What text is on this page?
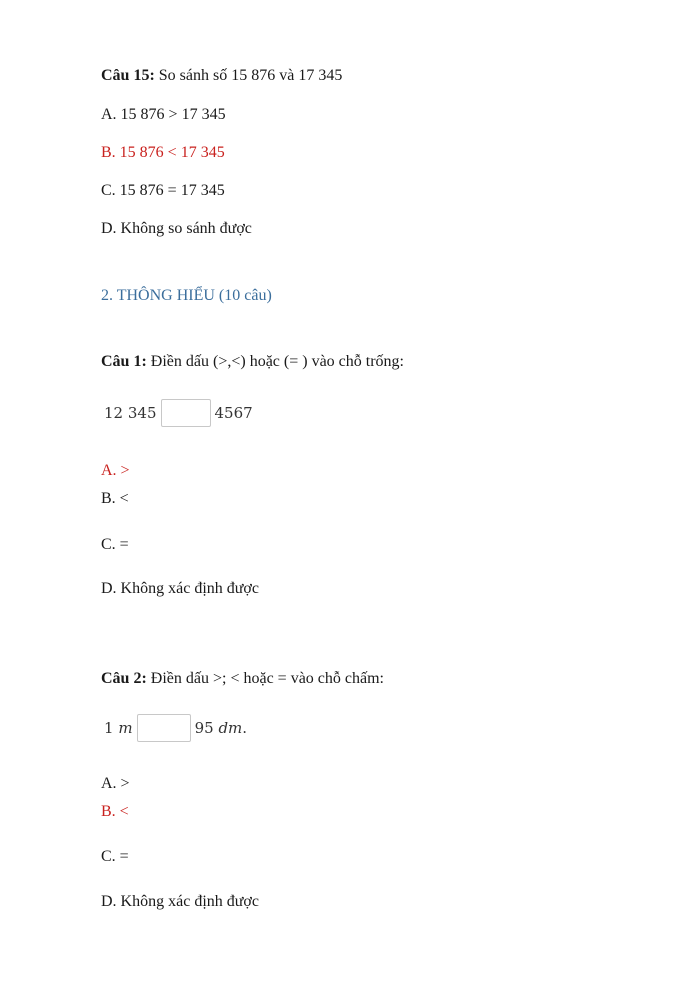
Câu 15: So sánh số 15 876 và 17 345
A. 15 876 > 17 345
B. 15 876 < 17 345
C. 15 876 = 17 345
D. Không so sánh được
2. THÔNG HIỂU (10 câu)
Câu 1: Điền dấu (>,<) hoặc (= ) vào chỗ trống:
12 345	4567
A. >
B. <
C. =
D. Không xác định được
Câu 2: Điền dấu >; < hoặc = vào chỗ chấm:
1
m	95
dm .
A. >
B. <
C. =
D. Không xác định được
